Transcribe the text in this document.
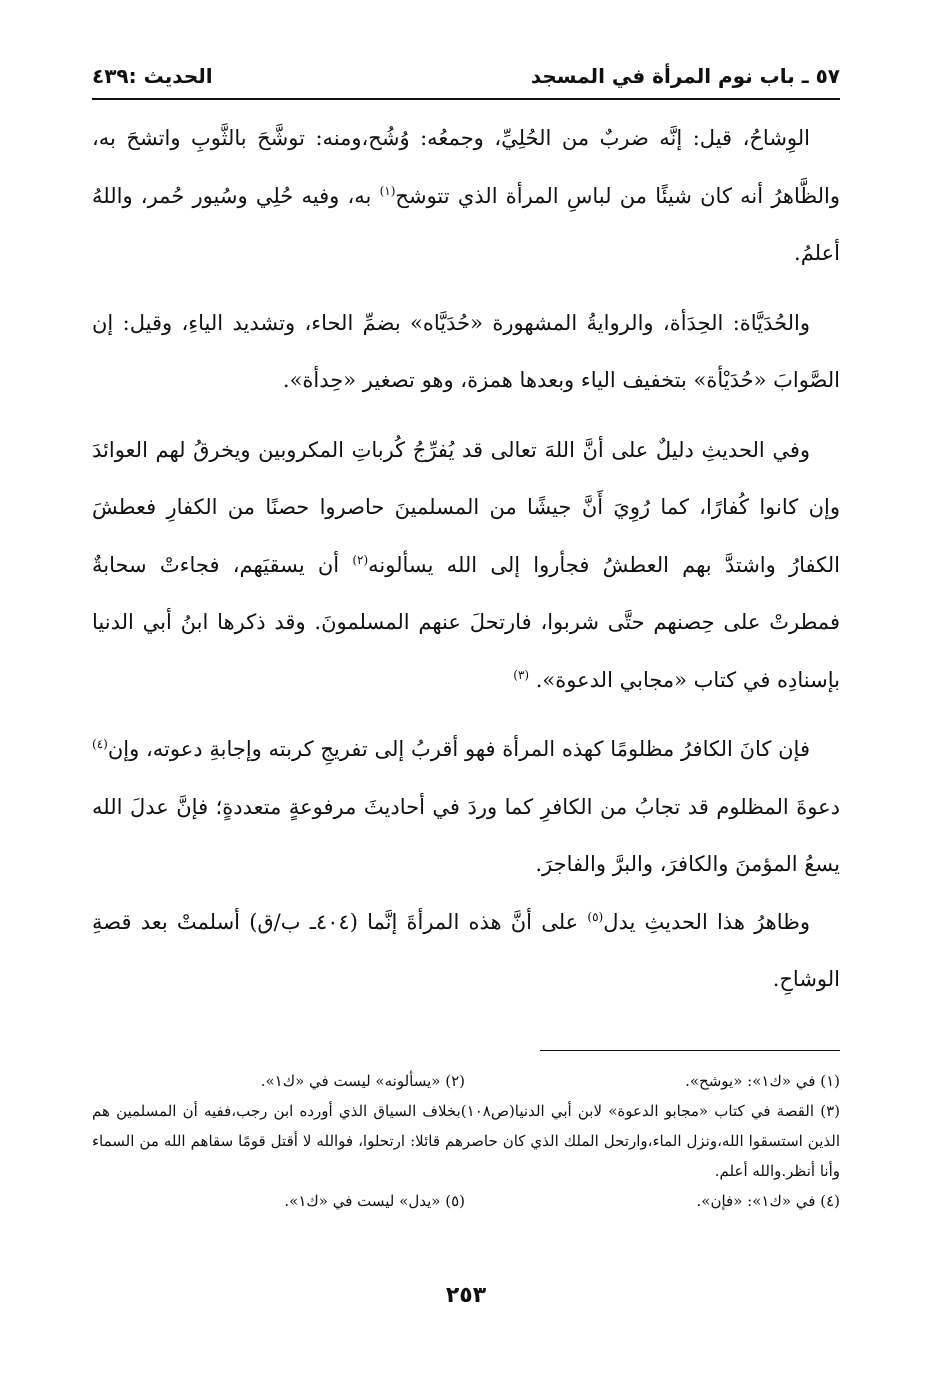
٥٧ ـ باب نوم المرأة في المسجد
الحديث :٤٣٩

الوِشاحُ، قيل: إنَّه ضربٌ من الحُلِيِّ، وجمعُه: وُشُح،ومنه: توشَّحَ بالثَّوبِ واتشحَ به، والظَّاهرُ أنه كان شيئًا من لباسِ المرأة الذي تتوشح$^{(١)}$ به، وفيه حُلِي وسُيور حُمر، واللهُ أعلمُ.

والحُدَيَّاة: الحِدَأة، والروايةُ المشهورة «حُدَيَّاه» بضمِّ الحاء، وتشديد الياءِ، وقيل: إن الصَّوابَ «حُدَيْأة» بتخفيف الياء وبعدها همزة، وهو تصغير «حِدأة».

وفي الحديثِ دليلٌ على أنَّ اللهَ تعالى قد يُفرِّجُ كُرباتِ المكروبين ويخرقُ لهم العوائدَ وإن كانوا كُفارًا، كما رُوِيَ أَنَّ جيشًا من المسلمينَ حاصروا حصنًا من الكفارِ فعطشَ الكفارُ واشتدَّ بهم العطشُ فجأروا إلى الله يسألونه$^{(٢)}$ أن يسقيَهم، فجاءتْ سحابةٌ فمطرتْ على حِصنهم حتَّى شربوا، فارتحلَ عنهم المسلمونَ. وقد ذكرها ابنُ أبي الدنيا بإسنادِه في كتاب «مجابي الدعوة». $^{(٣)}$

فإن كانَ الكافرُ مظلومًا كهذه المرأة فهو أقربُ إلى تفريجِ كربته وإجابةِ دعوته، وإن$^{(٤)}$ دعوةَ المظلوم قد تجابُ من الكافرِ كما وردَ في أحاديثَ مرفوعةٍ متعددةٍ؛ فإنَّ عدلَ الله يسعُ المؤمنَ والكافرَ، والبرَّ والفاجرَ.

وظاهرُ هذا الحديثِ يدل$^{(٥)}$ على أنَّ هذه المرأةَ إنَّما (٤٠٤ـ ب/ق) أسلمتْ بعد قصةِ الوشاحِ.

(١) في «ك١»: «يوشح».
(٢) «يسألونه» ليست في «ك١».
(٣) القصة في كتاب «مجابو الدعوة» لابن أبي الدنيا(ص١٠٨)بخلاف السياق الذي أورده ابن رجب،ففيه أن المسلمين هم الذين استسقوا الله،ونزل الماء،وارتحل الملك الذي كان حاصرهم قائلا: ارتحلوا، فوالله لا أقتل قومًا سقاهم الله من السماء وأنا أنظر.والله أعلم.
(٤) في «ك١»: «فإن».
(٥) «يدل» ليست في «ك١».
٢٥٣
